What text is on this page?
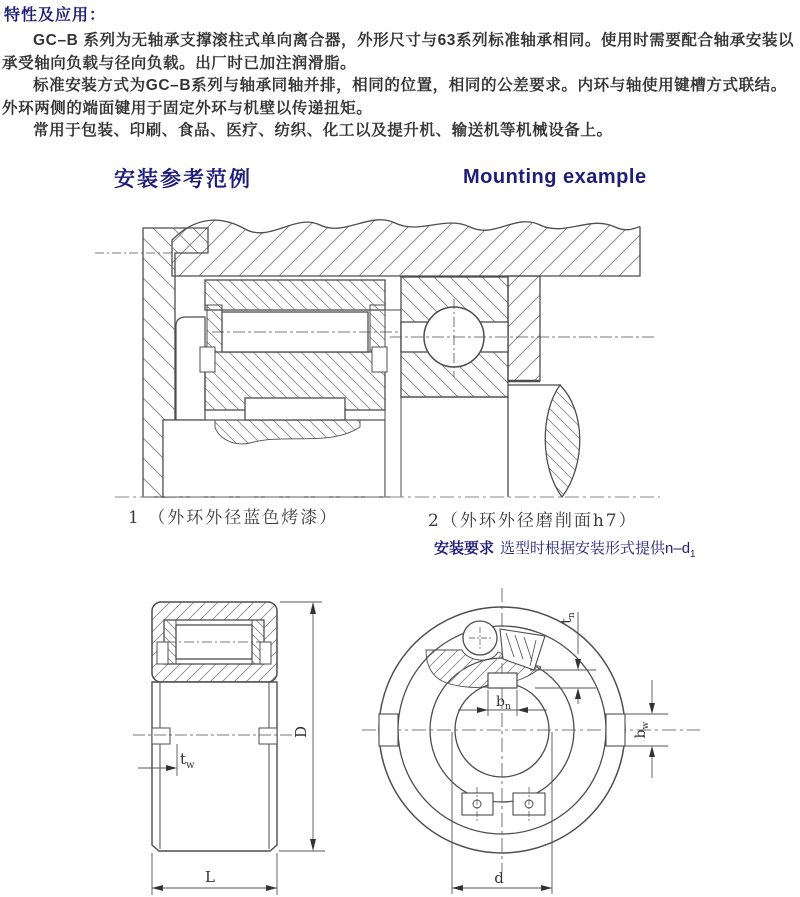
特性及应用：

GC–B 系列为无轴承支撑滚柱式单向离合器，外形尺寸与63系列标准轴承相同。使用时需要配合轴承安装以承受轴向负载与径向负载。出厂时已加注润滑脂。

标准安装方式为GC–B系列与轴承同轴并排，相同的位置，相同的公差要求。内环与轴使用键槽方式联结。外环两侧的端面键用于固定外环与机壁以传递扭矩。

常用于包装、印刷、食品、医疗、纺织、化工以及提升机、输送机等机械设备上。

安装参考范例	Mounting example
1 （外环外径蓝色烤漆）	2（外环外径磨削面h7）
安装要求 选型时根据安装形式提供$n-d_1$
$t_w$
L
D
$t_n$
$b_n$
$b_w$
d
